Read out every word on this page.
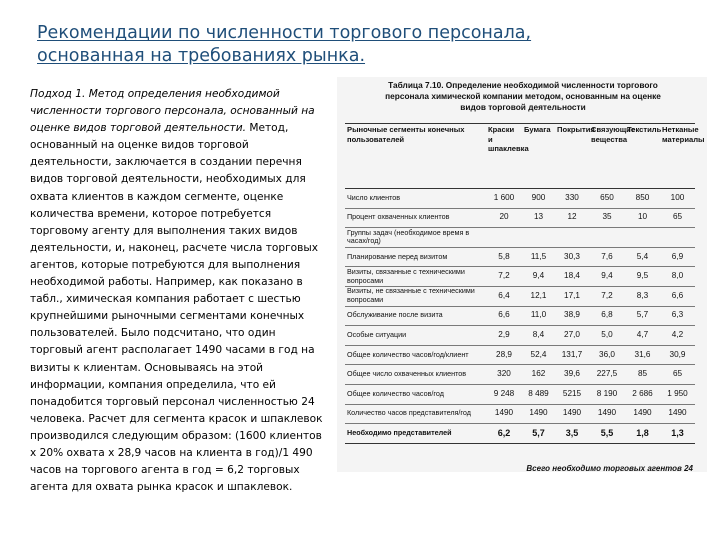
Рекомендации по численности торгового персонала,
основанная на требованиях рынка.

Подход 1. Метод определения необходимой численности торгового персонала, основанный на оценке видов торговой деятельности. Метод, основанный на оценке видов торговой деятельности, заключается в создании перечня видов торговой деятельности, необходимых для охвата клиентов в каждом сегменте, оценке количества времени, которое потребуется торговому агенту для выполнения таких видов деятельности, и, наконец, расчете числа торговых агентов, которые потребуются для выполнения необходимой работы. Например, как показано в табл., химическая компания работает с шестью крупнейшими рыночными сегментами конечных пользователей. Было подсчитано, что один торговый агент располагает 1490 часами в год на визиты к клиентам. Основываясь на этой информации, компания определила, что ей понадобится торговый персонал численностью 24 человека. Расчет для сегмента красок и шпаклевок производился следующим образом: (1600 клиентов х 20% охвата х 28,9 часов на клиента в год)/1 490 часов на торгового агента в год = 6,2 торговых агента для охвата рынка красок и шпаклевок.

Таблица 7.10. Определение необходимой численности торгового
персонала химической компании методом, основанным на оценке
видов торговой деятельности
Рыночные сегменты конечных пользователей	Краски и шпаклевка	Бумага	Покрытия	Связующие вещества	Текстиль	Нетканые материалы
Число клиентов	1 600	900	330	650	850	100
Процент охваченных клиентов	20	13	12	35	10	65
Группы задач (необходимое время в часах/год)						
Планирование перед визитом	5,8	11,5	30,3	7,6	5,4	6,9
Визиты, связанные с техническими вопросами	7,2	9,4	18,4	9,4	9,5	8,0
Визиты, не связанные с техническими вопросами	6,4	12,1	17,1	7,2	8,3	6,6
Обслуживание после визита	6,6	11,0	38,9	6,8	5,7	6,3
Особые ситуации	2,9	8,4	27,0	5,0	4,7	4,2
Общее количество часов/год/клиент	28,9	52,4	131,7	36,0	31,6	30,9
Общее число охваченных клиентов	320	162	39,6	227,5	85	65
Общее количество часов/год	9 248	8 489	5215	8 190	2 686	1 950
Количество часов представителя/год	1490	1490	1490	1490	1490	1490
Необходимо представителей	6,2	5,7	3,5	5,5	1,8	1,3
Всего необходимо торговых агентов 24
